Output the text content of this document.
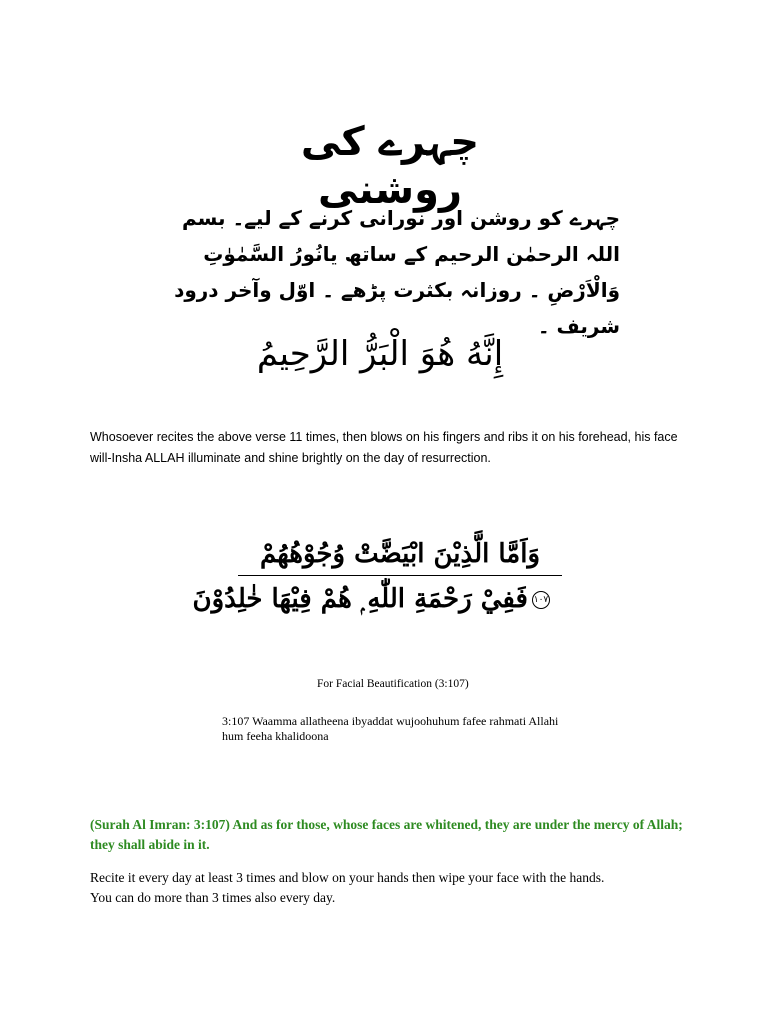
چہرے کی روشنی

چہرے کو روشن اور نورانی کرنے کے لیے۔ بسم اللہ الرحمٰن الرحیم کے ساتھ یانُورُ السَّمٰوٰتِ وَالْاَرْضِ ۔ روزانہ بکثرت پڑھے ۔ اوّل وآخر درود شریف ۔

إِنَّهُ هُوَ الْبَرُّ الرَّحِيمُ

Whosoever recites the above verse 11 times, then blows on his fingers and ribs it on his forehead, his face will-Insha ALLAH illuminate and shine brightly on the day of resurrection.

وَاَمَّا الَّذِيْنَ ابْيَضَّتْ وُجُوْهُهُمْ
١٠٧فَفِيْ رَحْمَةِ اللّٰهِ ۭ هُمْ فِيْهَا خٰلِدُوْنَ
For Facial Beautification (3:107)

3:107 Waamma allatheena ibyaddat wujoohuhum fafee rahmati Allahi
hum feeha khalidoona

(Surah Al Imran: 3:107) And as for those, whose faces are whitened, they are under the mercy of Allah; they shall abide in it.

Recite it every day at least 3 times and blow on your hands then wipe your face with the hands.
You can do more than 3 times also every day.
